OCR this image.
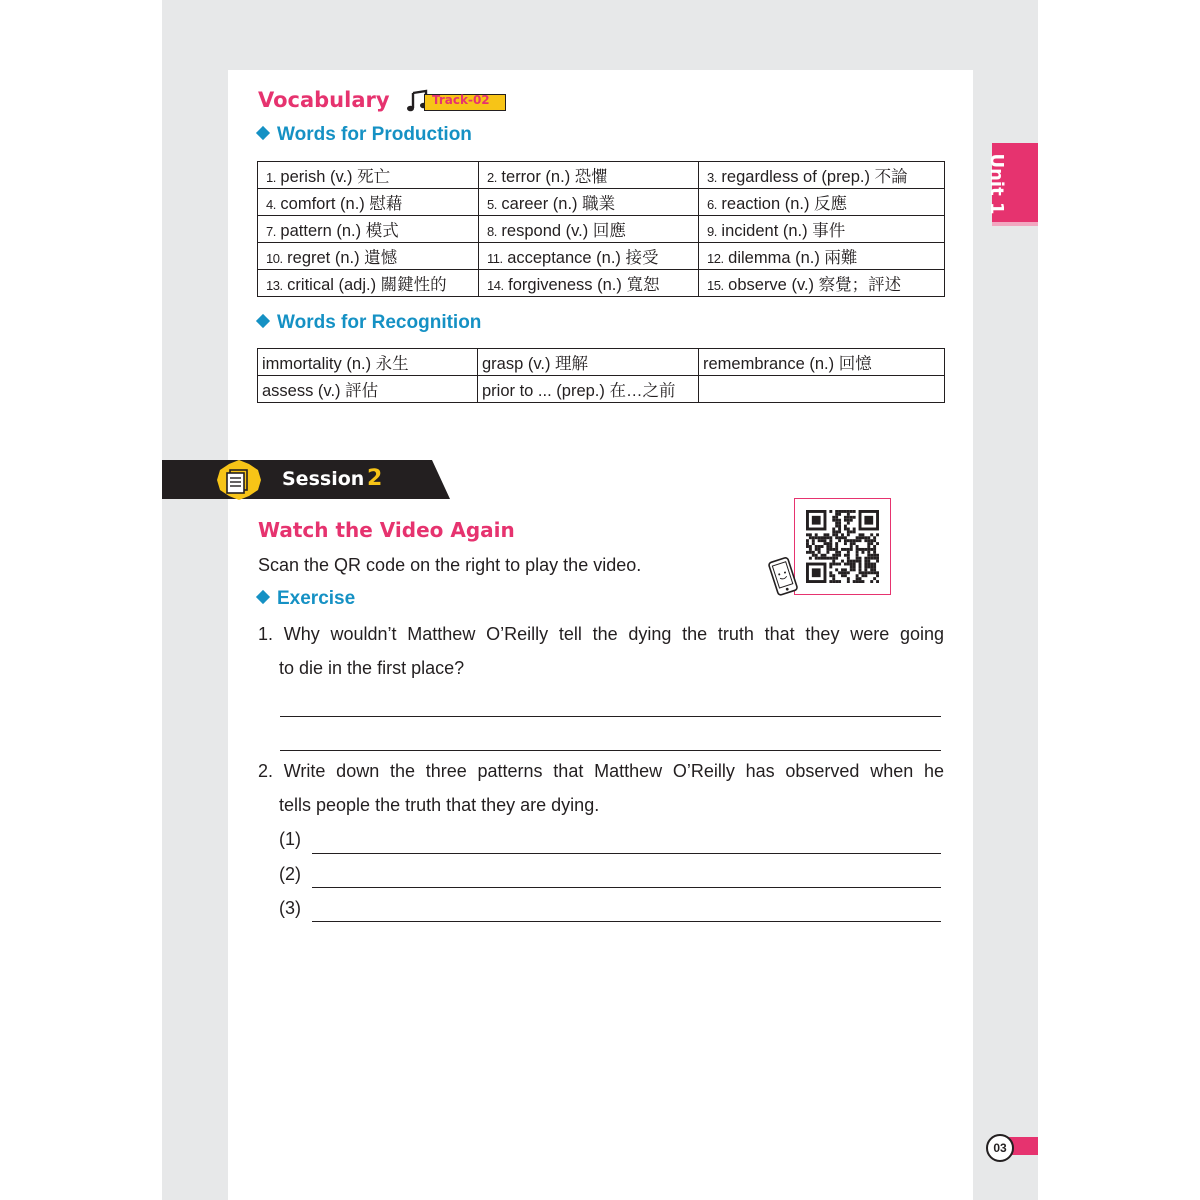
Vocabulary	Track-02
Words for Production
1. perish (v.) 死亡	2. terror (n.) 恐懼	3. regardless of (prep.) 不論
4. comfort (n.) 慰藉	5. career (n.) 職業	6. reaction (n.) 反應
7. pattern (n.) 模式	8. respond (v.) 回應	9. incident (n.) 事件
10. regret (n.) 遺憾	11. acceptance (n.) 接受	12. dilemma (n.) 兩難
13. critical (adj.) 關鍵性的	14. forgiveness (n.) 寬恕	15. observe (v.) 察覺；評述
Words for Recognition
immortality (n.) 永生	grasp (v.) 理解	remembrance (n.) 回憶
assess (v.) 評估	prior to ... (prep.) 在…之前	
Session 2
Watch the Video Again
Scan the QR code on the right to play the video.
Exercise
1. Why wouldn’t Matthew O’Reilly tell the dying the truth that they were going
to die in the first place?
2. Write down the three patterns that Matthew O’Reilly has observed when he
tells people the truth that they are dying.
(1)
(2)
(3)
Unit 1
03
